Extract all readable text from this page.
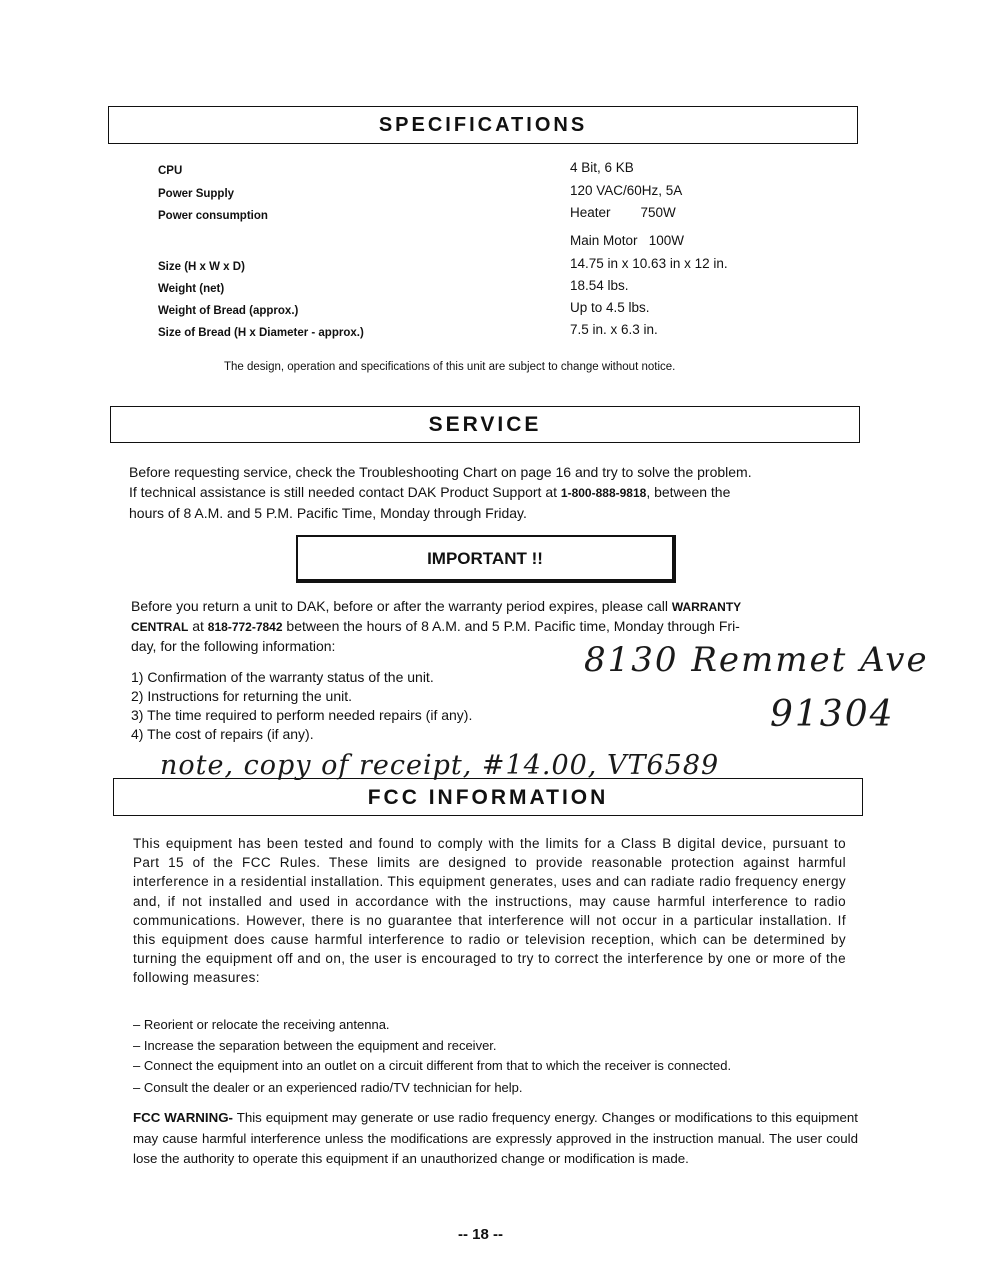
SPECIFICATIONS
CPU	4 Bit, 6 KB
Power Supply	120 VAC/60Hz, 5A
Power consumption	Heater        750W
Main Motor   100W
Size (H x W x D)	14.75 in x 10.63 in x 12 in.
Weight (net)	18.54 lbs.
Weight of Bread (approx.)	Up to 4.5 lbs.
Size of Bread (H x Diameter - approx.)	7.5 in. x 6.3 in.
The design, operation and specifications of this unit are subject to change without notice.
SERVICE
Before requesting service, check the Troubleshooting Chart on page 16 and try to solve the problem.
If technical assistance is still needed contact DAK Product Support at 1-800-888-9818, between the
hours of 8 A.M. and 5 P.M. Pacific Time, Monday through Friday.
IMPORTANT !!
Before you return a unit to DAK, before or after the warranty period expires, please call WARRANTY
CENTRAL at 818-772-7842 between the hours of 8 A.M. and 5 P.M. Pacific time, Monday through Fri-
day, for the following information:
1) Confirmation of the warranty status of the unit.
2) Instructions for returning the unit.
3) The time required to perform needed repairs (if any).
4) The cost of repairs (if any).
8130 Remmet Ave
91304
note, copy of receipt, #14.00, VT6589
FCC INFORMATION
This equipment has been tested and found to comply with the limits for a Class B digital device, pursuant to Part 15 of the FCC Rules. These limits are designed to provide reasonable protection against harmful interference in a residential installation. This equipment generates, uses and can radiate radio frequency energy and, if not installed and used in accordance with the instructions, may cause harmful interference to radio communications. However, there is no guarantee that interference will not occur in a particular installation. If this equipment does cause harmful interference to radio or television reception, which can be determined by turning the equipment off and on, the user is encouraged to try to correct the interference by one or more of the following measures:
– Reorient or relocate the receiving antenna.
– Increase the separation between the equipment and receiver.
– Connect the equipment into an outlet on a circuit different from that to which the receiver is connected.
– Consult the dealer or an experienced radio/TV technician for help.
FCC WARNING- This equipment may generate or use radio frequency energy. Changes or modifications to this equipment may cause harmful interference unless the modifications are expressly approved in the instruction manual. The user could lose the authority to operate this equipment if an unauthorized change or modification is made.
-- 18 --
